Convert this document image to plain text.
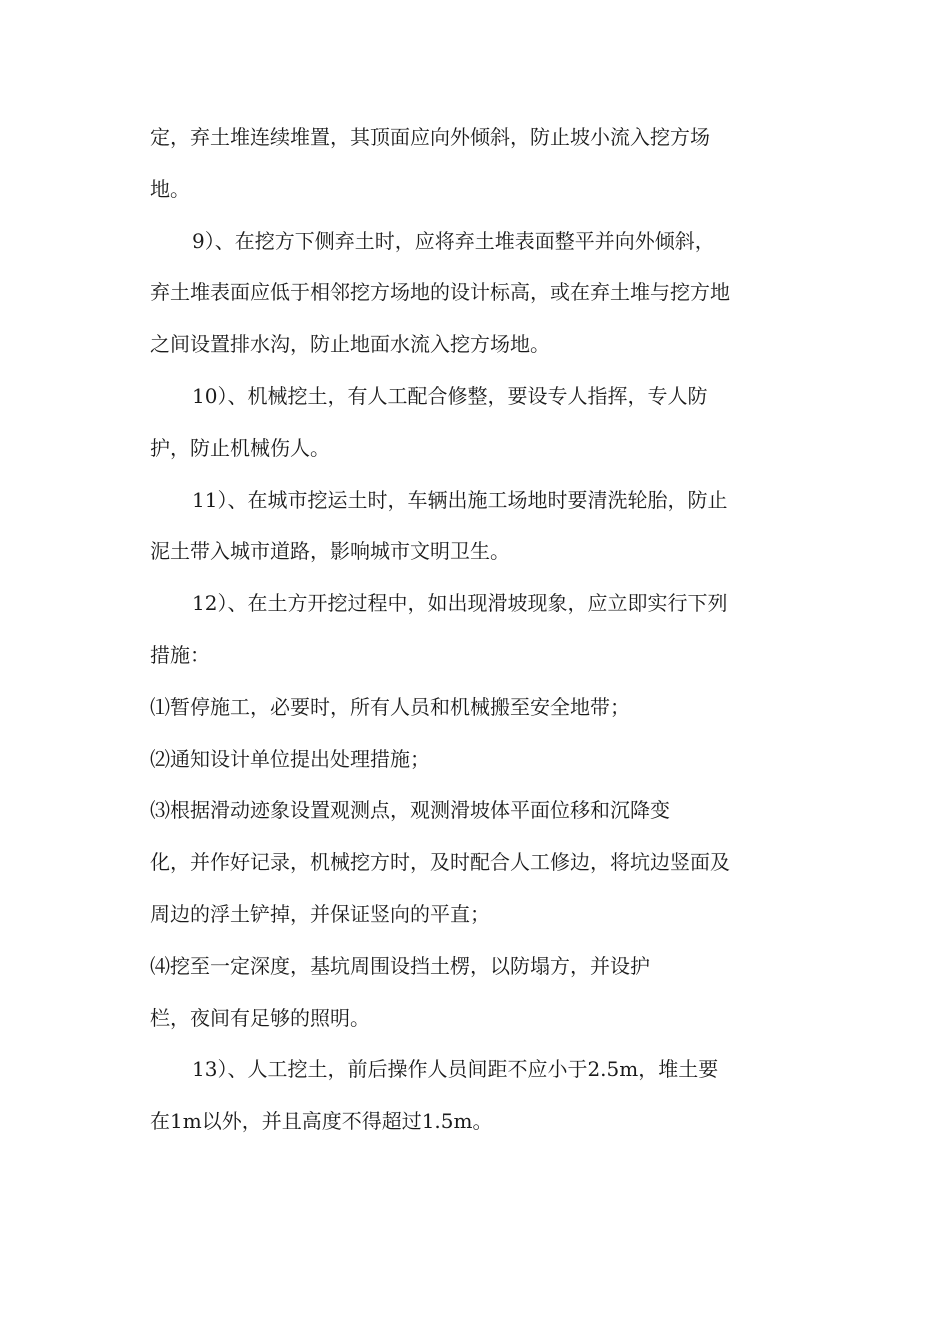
定，弃土堆连续堆置，其顶面应向外倾斜，防止坡小流入挖方场
地。
9）、在挖方下侧弃土时，应将弃土堆表面整平并向外倾斜，
弃土堆表面应低于相邻挖方场地的设计标高，或在弃土堆与挖方地
之间设置排水沟，防止地面水流入挖方场地。
10）、机械挖土，有人工配合修整，要设专人指挥，专人防
护，防止机械伤人。
11）、在城市挖运土时，车辆出施工场地时要清洗轮胎，防止
泥土带入城市道路，影响城市文明卫生。
12）、在土方开挖过程中，如出现滑坡现象，应立即实行下列
措施：
⑴暂停施工，必要时，所有人员和机械搬至安全地带；
⑵通知设计单位提出处理措施；
⑶根据滑动迹象设置观测点，观测滑坡体平面位移和沉降变
化，并作好记录，机械挖方时，及时配合人工修边，将坑边竖面及
周边的浮土铲掉，并保证竖向的平直；
⑷挖至一定深度，基坑周围设挡土楞，以防塌方，并设护
栏，夜间有足够的照明。
13）、人工挖土，前后操作人员间距不应小于2.5m，堆土要
在1m以外，并且高度不得超过1.5m。
